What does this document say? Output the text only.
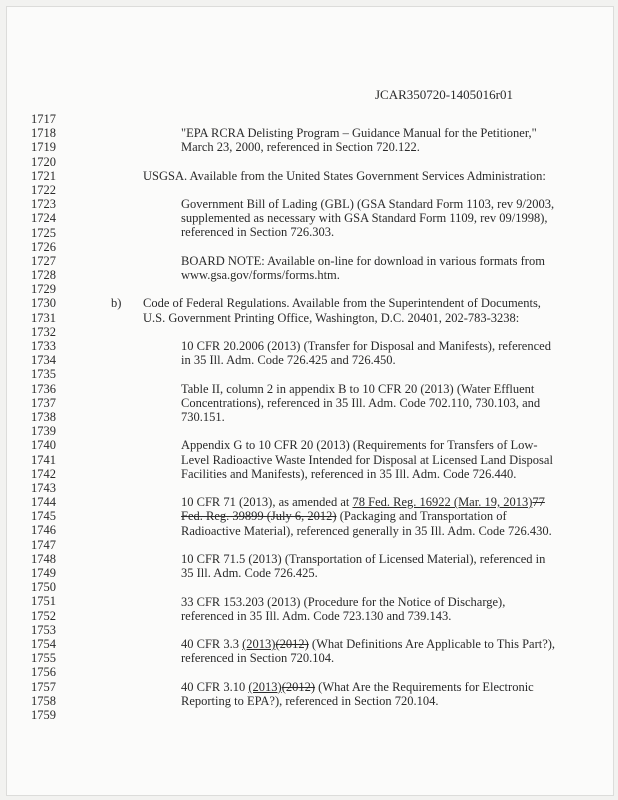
JCAR350720-1405016r01
1717
1718
1719
1720
1721
1722
1723
1724
1725
1726
1727
1728
1729
1730
1731
1732
1733
1734
1735
1736
1737
1738
1739
1740
1741
1742
1743
1744
1745
1746
1747
1748
1749
1750
1751
1752
1753
1754
1755
1756
1757
1758
1759
"EPA RCRA Delisting Program – Guidance Manual for the Petitioner,"
March 23, 2000, referenced in Section 720.122.
USGSA. Available from the United States Government Services Administration:
Government Bill of Lading (GBL) (GSA Standard Form 1103, rev 9/2003,
supplemented as necessary with GSA Standard Form 1109, rev 09/1998),
referenced in Section 726.303.
BOARD NOTE: Available on-line for download in various formats from
www.gsa.gov/forms/forms.htm.
b) Code of Federal Regulations. Available from the Superintendent of Documents,
U.S. Government Printing Office, Washington, D.C. 20401, 202-783-3238:
10 CFR 20.2006 (2013) (Transfer for Disposal and Manifests), referenced
in 35 Ill. Adm. Code 726.425 and 726.450.
Table II, column 2 in appendix B to 10 CFR 20 (2013) (Water Effluent
Concentrations), referenced in 35 Ill. Adm. Code 702.110, 730.103, and
730.151.
Appendix G to 10 CFR 20 (2013) (Requirements for Transfers of Low-
Level Radioactive Waste Intended for Disposal at Licensed Land Disposal
Facilities and Manifests), referenced in 35 Ill. Adm. Code 726.440.
10 CFR 71 (2013), as amended at 78 Fed. Reg. 16922 (Mar. 19, 2013)77
Fed. Reg. 39899 (July 6, 2012) (Packaging and Transportation of
Radioactive Material), referenced generally in 35 Ill. Adm. Code 726.430.
10 CFR 71.5 (2013) (Transportation of Licensed Material), referenced in
35 Ill. Adm. Code 726.425.
33 CFR 153.203 (2013) (Procedure for the Notice of Discharge),
referenced in 35 Ill. Adm. Code 723.130 and 739.143.
40 CFR 3.3 (2013)(2012) (What Definitions Are Applicable to This Part?),
referenced in Section 720.104.
40 CFR 3.10 (2013)(2012) (What Are the Requirements for Electronic
Reporting to EPA?), referenced in Section 720.104.
